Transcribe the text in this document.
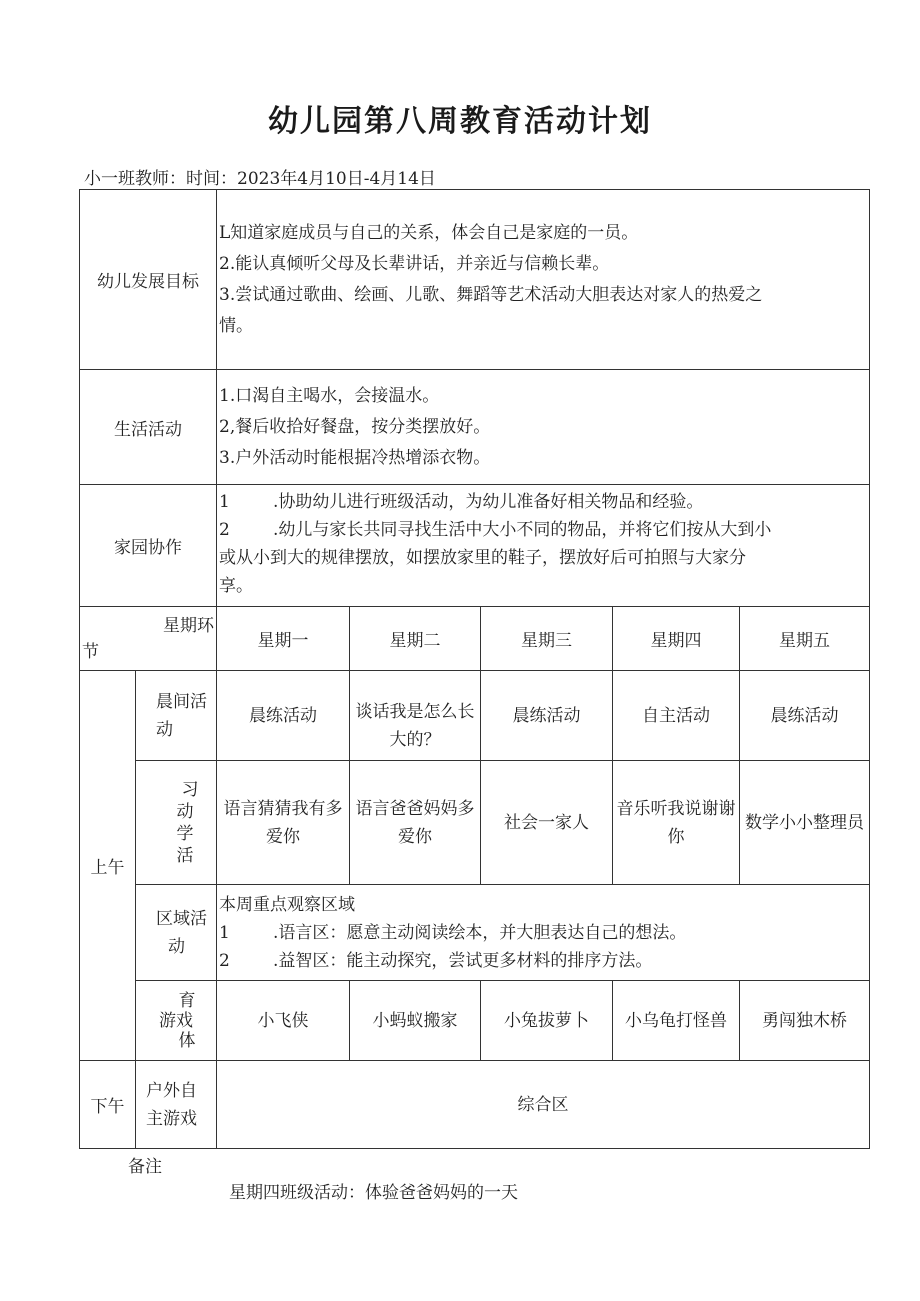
幼儿园第八周教育活动计划
小一班教师：时间：2023年4月10日-4月14日
幼儿发展目标		L知道家庭成员与自己的关系，体会自己是家庭的一员。
2.能认真倾听父母及长辈讲话，并亲近与信赖长辈。
3.尝试通过歌曲、绘画、儿歌、舞蹈等艺术活动大胆表达对家人的热爱之
情。				

生活活动		1.口渴自主喝水，会接温水。
2,餐后收拾好餐盘，按分类摆放好。
3.户外活动时能根据冷热增添衣物。				

家园协作		1 .协助幼儿进行班级活动，为幼儿准备好相关物品和经验。
2 .幼儿与家长共同寻找生活中大小不同的物品，并将它们按从大到小
或从小到大的规律摆放，如摆放家里的鞋子，摆放好后可拍照与大家分
享。				

星期环
节		星期一	星期二	星期三	星期四	星期五
上午	晨间活
动	晨练活动	谈话我是怎么长大的？	晨练活动	自主活动	晨练活动

	习
动
学
活	语言猜猜我有多爱你	语言爸爸妈妈多爱你	社会一家人	音乐听我说谢谢你	数学小小整理员

	区域活
动	本周重点观察区域
1 .语言区：愿意主动阅读绘本，并大胆表达自己的想法。
2 .益智区：能主动探究，尝试更多材料的排序方法。				

	育
游戏
体	小飞侠	小蚂蚁搬家	小兔拔萝卜	小乌龟打怪兽	勇闯独木桥
下午	户外自
主游戏	综合区				
备注
星期四班级活动：体验爸爸妈妈的一天
